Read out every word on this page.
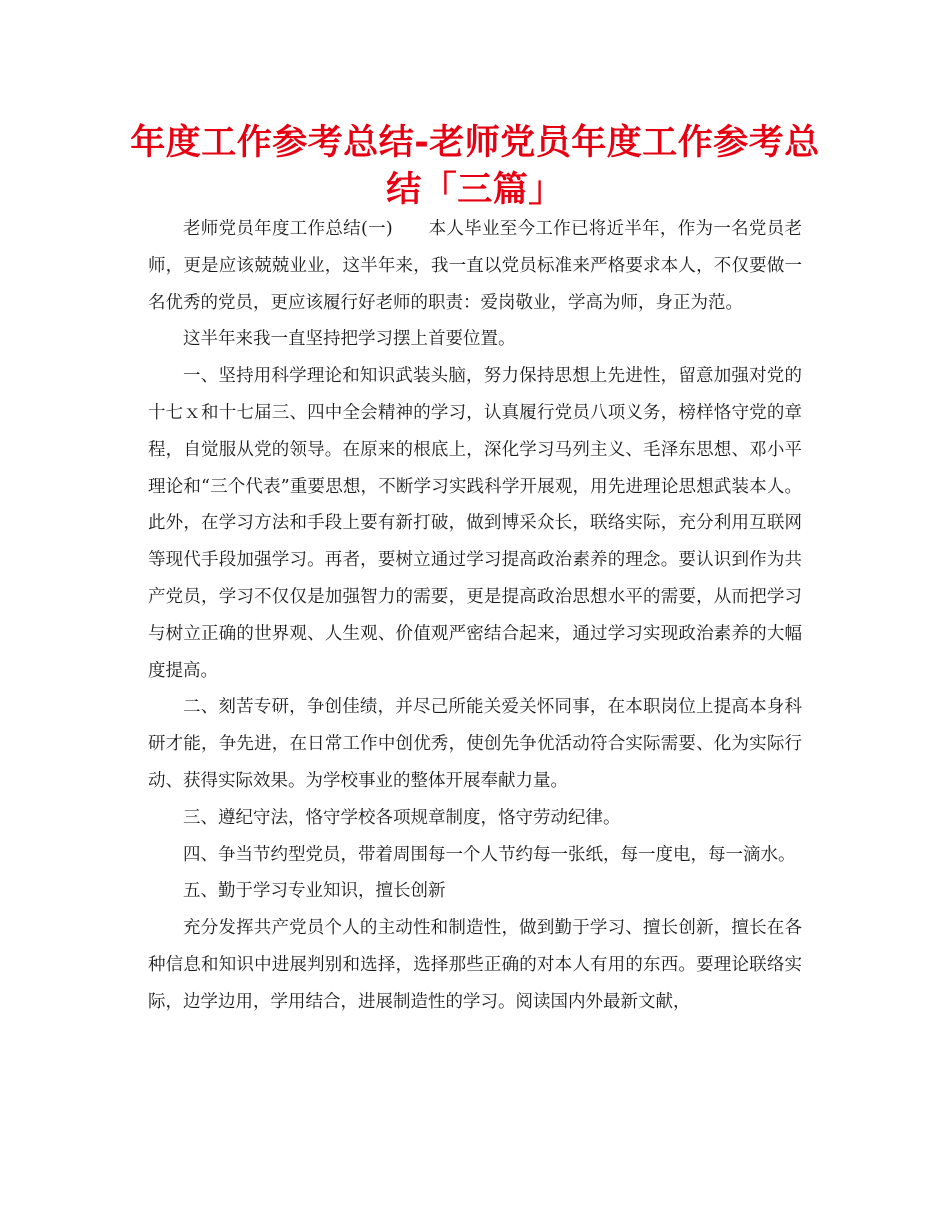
年度工作参考总结-老师党员年度工作参考总结「三篇」

老师党员年度工作总结(一)　　本人毕业至今工作已将近半年，作为一名党员老师，更是应该兢兢业业，这半年来，我一直以党员标准来严格要求本人，不仅要做一名优秀的党员，更应该履行好老师的职责：爱岗敬业，学高为师，身正为范。

这半年来我一直坚持把学习摆上首要位置。

一、坚持用科学理论和知识武装头脑，努力保持思想上先进性，留意加强对党的十七ｘ和十七届三、四中全会精神的学习，认真履行党员八项义务，榜样恪守党的章程，自觉服从党的领导。在原来的根底上，深化学习马列主义、毛泽东思想、邓小平理论和“三个代表”重要思想，不断学习实践科学开展观，用先进理论思想武装本人。此外，在学习方法和手段上要有新打破，做到博采众长，联络实际，充分利用互联网等现代手段加强学习。再者，要树立通过学习提高政治素养的理念。要认识到作为共产党员，学习不仅仅是加强智力的需要，更是提高政治思想水平的需要，从而把学习与树立正确的世界观、人生观、价值观严密结合起来，通过学习实现政治素养的大幅度提高。

二、刻苦专研，争创佳绩，并尽己所能关爱关怀同事，在本职岗位上提高本身科研才能，争先进，在日常工作中创优秀，使创先争优活动符合实际需要、化为实际行动、获得实际效果。为学校事业的整体开展奉献力量。

三、遵纪守法，恪守学校各项规章制度，恪守劳动纪律。

四、争当节约型党员，带着周围每一个人节约每一张纸，每一度电，每一滴水。

五、勤于学习专业知识，擅长创新

充分发挥共产党员个人的主动性和制造性，做到勤于学习、擅长创新，擅长在各种信息和知识中进展判别和选择，选择那些正确的对本人有用的东西。要理论联络实际，边学边用，学用结合，进展制造性的学习。阅读国内外最新文献，
